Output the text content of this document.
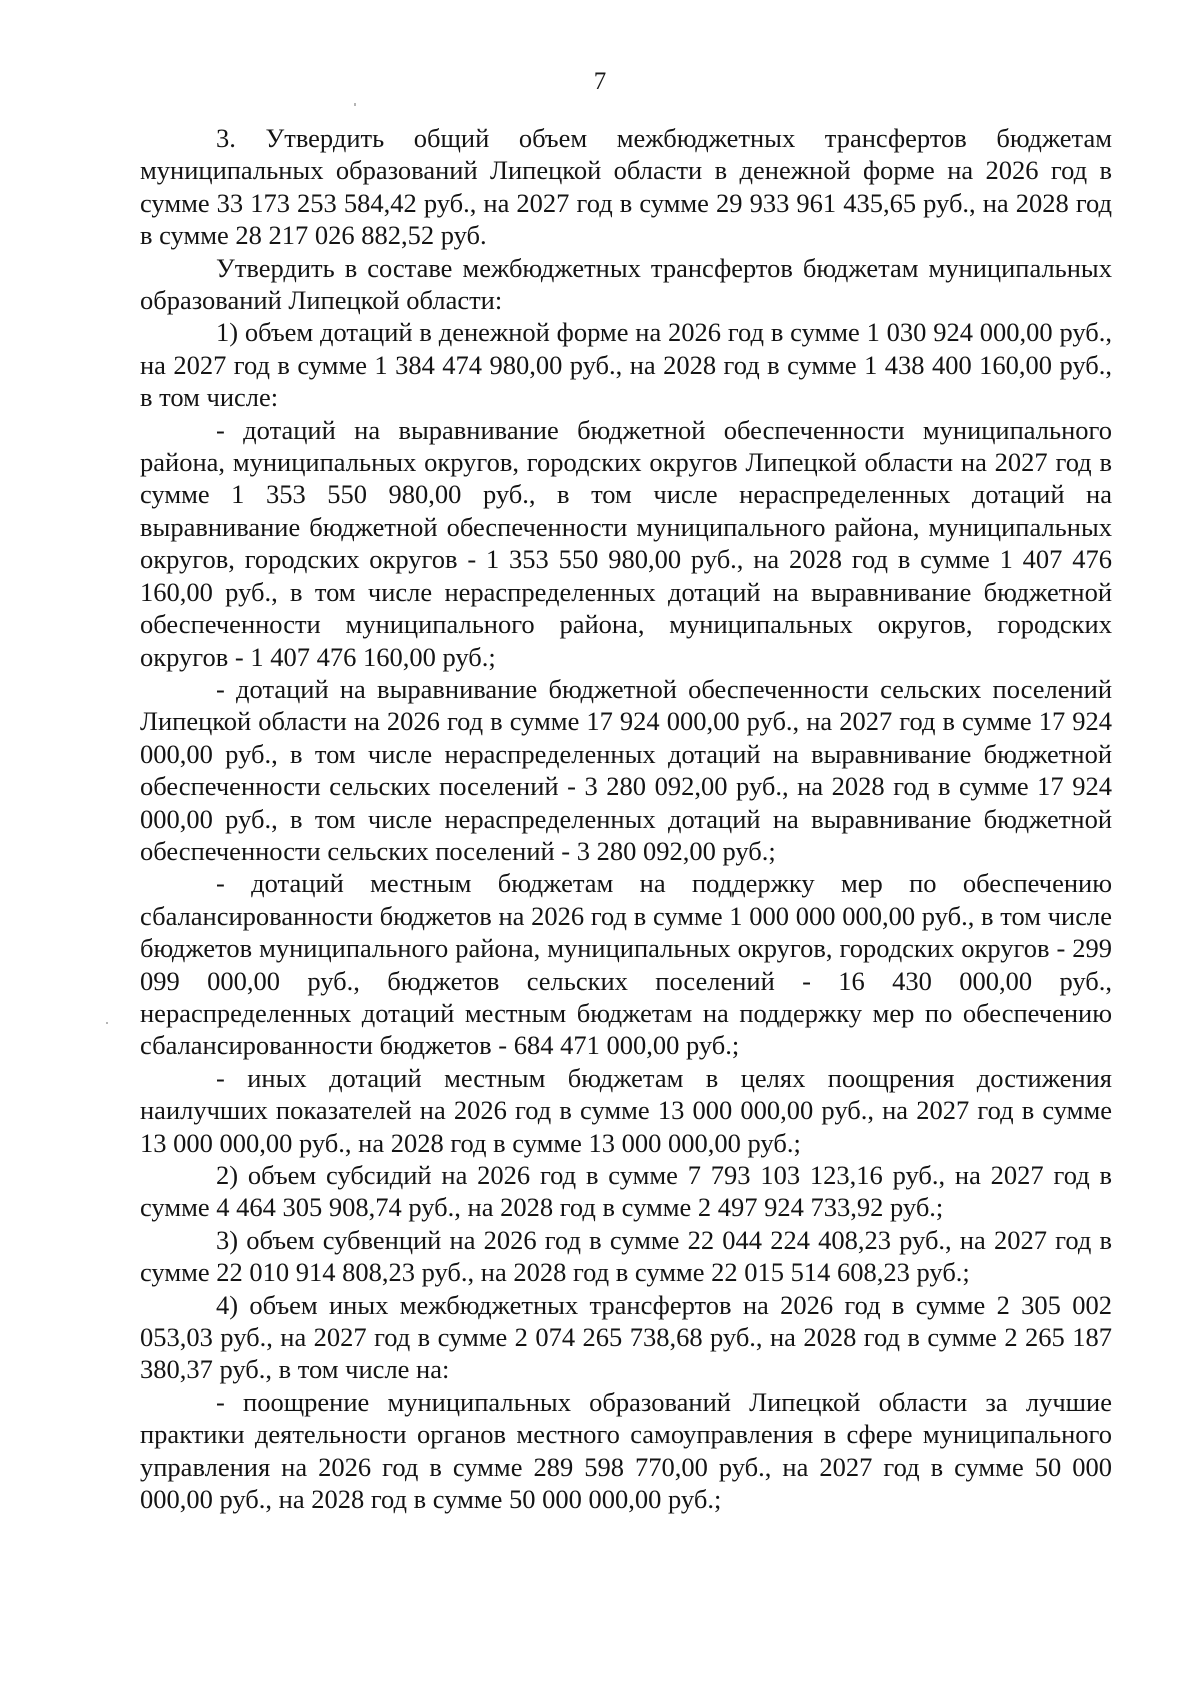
7

3. Утвердить общий объем межбюджетных трансфертов бюджетам муниципальных образований Липецкой области в денежной форме на 2026 год в сумме 33 173 253 584,42 руб., на 2027 год в сумме 29 933 961 435,65 руб., на 2028 год в сумме 28 217 026 882,52 руб.

Утвердить в составе межбюджетных трансфертов бюджетам муниципальных образований Липецкой области:

1) объем дотаций в денежной форме на 2026 год в сумме 1 030 924 000,00 руб., на 2027 год в сумме 1 384 474 980,00 руб., на 2028 год в сумме 1 438 400 160,00 руб., в том числе:

- дотаций на выравнивание бюджетной обеспеченности муниципального района, муниципальных округов, городских округов Липецкой области на 2027 год в сумме 1 353 550 980,00 руб., в том числе нераспределенных дотаций на выравнивание бюджетной обеспеченности муниципального района, муниципальных округов, городских округов - 1 353 550 980,00 руб., на 2028 год в сумме 1 407 476 160,00 руб., в том числе нераспределенных дотаций на выравнивание бюджетной обеспеченности муниципального района, муниципальных округов, городских округов - 1 407 476 160,00 руб.;

- дотаций на выравнивание бюджетной обеспеченности сельских поселений Липецкой области на 2026 год в сумме 17 924 000,00 руб., на 2027 год в сумме 17 924 000,00 руб., в том числе нераспределенных дотаций на выравнивание бюджетной обеспеченности сельских поселений - 3 280 092,00 руб., на 2028 год в сумме 17 924 000,00 руб., в том числе нераспределенных дотаций на выравнивание бюджетной обеспеченности сельских поселений - 3 280 092,00 руб.;

- дотаций местным бюджетам на поддержку мер по обеспечению сбалансированности бюджетов на 2026 год в сумме 1 000 000 000,00 руб., в том числе бюджетов муниципального района, муниципальных округов, городских округов - 299 099 000,00 руб., бюджетов сельских поселений - 16 430 000,00 руб., нераспределенных дотаций местным бюджетам на поддержку мер по обеспечению сбалансированности бюджетов - 684 471 000,00 руб.;

- иных дотаций местным бюджетам в целях поощрения достижения наилучших показателей на 2026 год в сумме 13 000 000,00 руб., на 2027 год в сумме 13 000 000,00 руб., на 2028 год в сумме 13 000 000,00 руб.;

2) объем субсидий на 2026 год в сумме 7 793 103 123,16 руб., на 2027 год в сумме 4 464 305 908,74 руб., на 2028 год в сумме 2 497 924 733,92 руб.;

3) объем субвенций на 2026 год в сумме 22 044 224 408,23 руб., на 2027 год в сумме 22 010 914 808,23 руб., на 2028 год в сумме 22 015 514 608,23 руб.;

4) объем иных межбюджетных трансфертов на 2026 год в сумме 2 305 002 053,03 руб., на 2027 год в сумме 2 074 265 738,68 руб., на 2028 год в сумме 2 265 187 380,37 руб., в том числе на:

- поощрение муниципальных образований Липецкой области за лучшие практики деятельности органов местного самоуправления в сфере муниципального управления на 2026 год в сумме 289 598 770,00 руб., на 2027 год в сумме 50 000 000,00 руб., на 2028 год в сумме 50 000 000,00 руб.;
